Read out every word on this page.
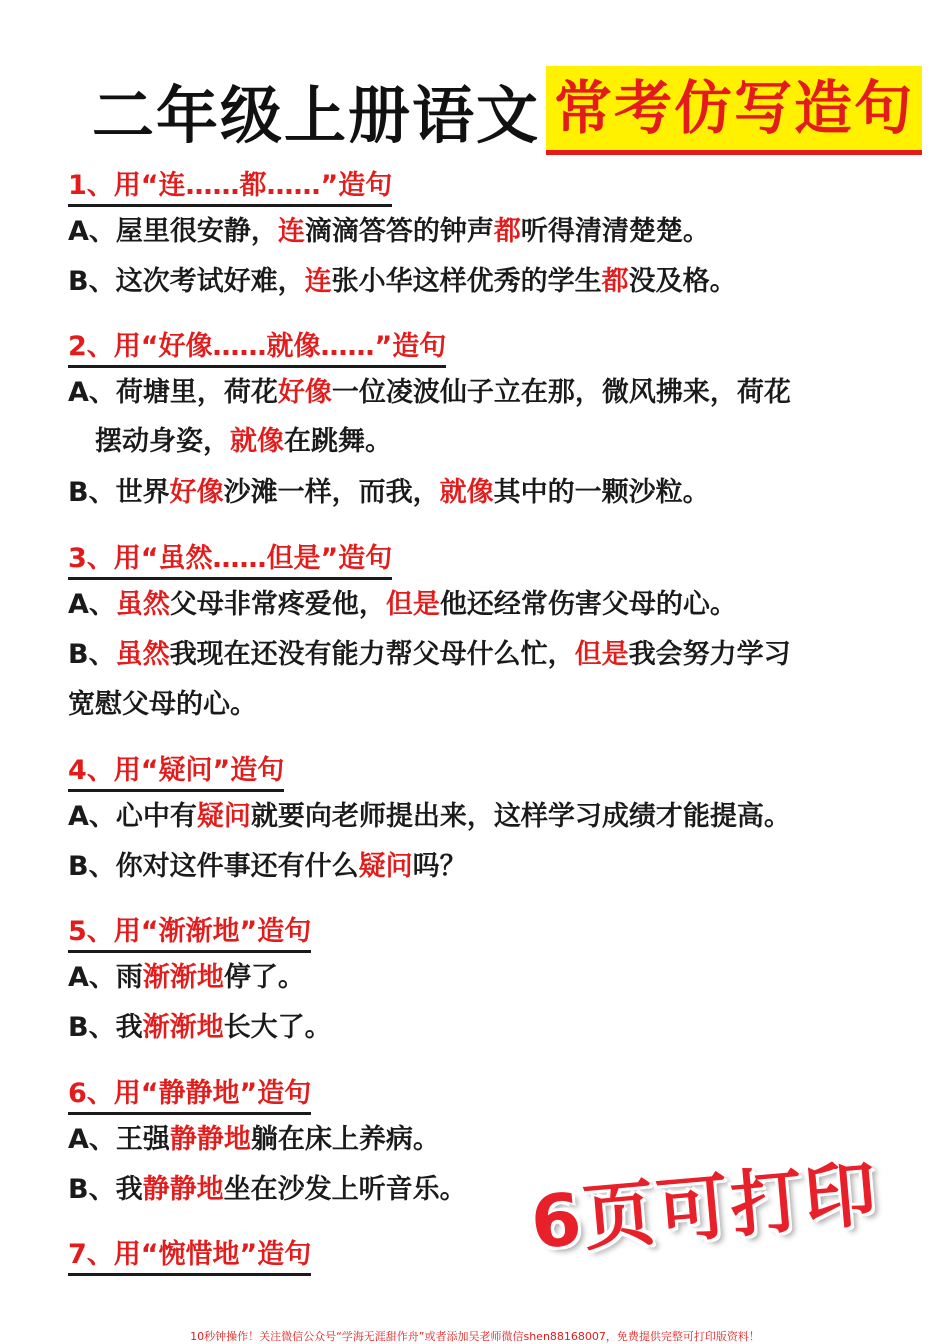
二年级上册语文 常考仿写造句
1、用“连……都……”造句
A、屋里很安静，连滴滴答答的钟声都听得清清楚楚。
B、这次考试好难，连张小华这样优秀的学生都没及格。
2、用“好像……就像……”造句
A、荷塘里，荷花好像一位凌波仙子立在那，微风拂来，荷花
　摆动身姿，就像在跳舞。
B、世界好像沙滩一样，而我，就像其中的一颗沙粒。
3、用“虽然……但是”造句
A、虽然父母非常疼爱他，但是他还经常伤害父母的心。
B、虽然我现在还没有能力帮父母什么忙，但是我会努力学习
宽慰父母的心。
4、用“疑问”造句
A、心中有疑问就要向老师提出来，这样学习成绩才能提高。
B、你对这件事还有什么疑问吗？
5、用“渐渐地”造句
A、雨渐渐地停了。
B、我渐渐地长大了。
6、用“静静地”造句
A、王强静静地躺在床上养病。
B、我静静地坐在沙发上听音乐。
7、用“惋惜地”造句	6页可打印
10秒钟操作！关注微信公众号“学海无涯甜作舟”或者添加吴老师微信shen88168007，免费提供完整可打印版资料！
